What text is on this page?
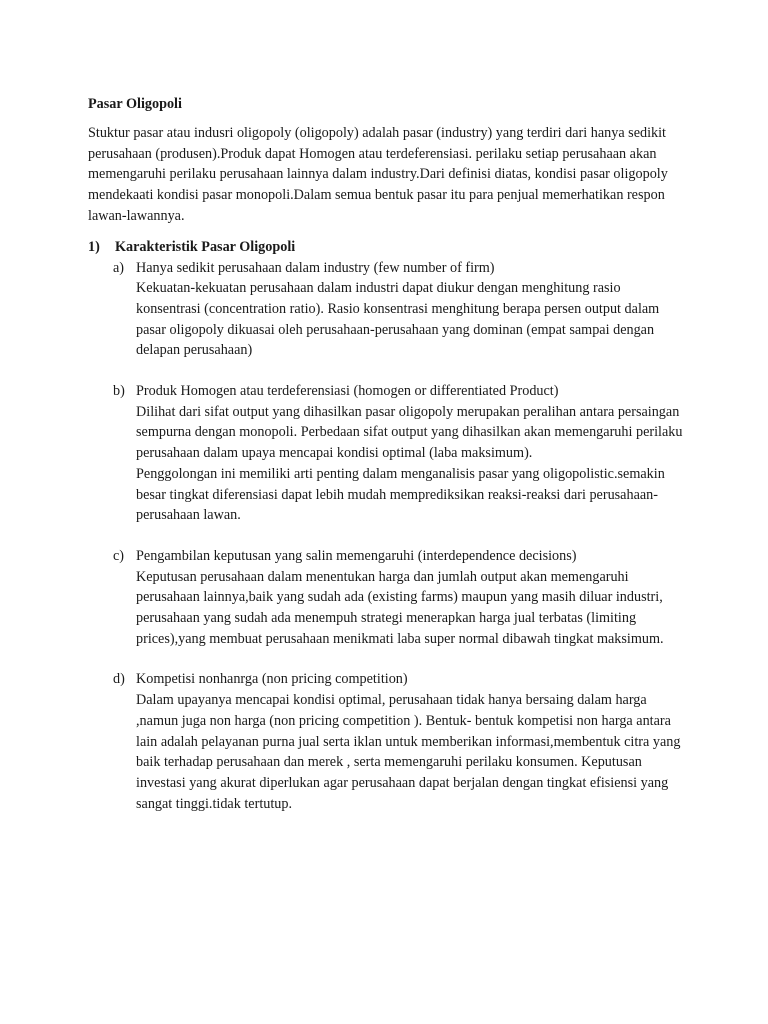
Pasar Oligopoli

Stuktur pasar atau indusri oligopoly (oligopoly) adalah pasar (industry) yang terdiri dari hanya sedikit perusahaan (produsen).Produk dapat Homogen atau terdeferensiasi. perilaku setiap perusahaan akan memengaruhi perilaku perusahaan lainnya dalam industry.Dari definisi diatas, kondisi pasar oligopoly mendekaati kondisi pasar monopoli.Dalam semua bentuk pasar itu para penjual memerhatikan respon lawan-lawannya.

1)	Karakteristik Pasar Oligopoli
a) Hanya sedikit perusahaan dalam industry (few number of firm)
Kekuatan-kekuatan perusahaan dalam industri dapat diukur dengan menghitung rasio konsentrasi (concentration ratio). Rasio konsentrasi menghitung berapa persen output dalam pasar oligopoly dikuasai oleh perusahaan-perusahaan yang dominan (empat sampai dengan delapan perusahaan)
b) Produk Homogen atau terdeferensiasi (homogen or differentiated Product)
Dilihat dari sifat output yang dihasilkan pasar oligopoly merupakan peralihan antara persaingan sempurna dengan monopoli. Perbedaan sifat output yang dihasilkan akan memengaruhi perilaku perusahaan dalam upaya mencapai kondisi optimal (laba maksimum).
Penggolongan ini memiliki arti penting dalam menganalisis pasar yang oligopolistic.semakin besar tingkat diferensiasi dapat lebih mudah memprediksikan reaksi-reaksi dari perusahaan-perusahaan lawan.
c) Pengambilan keputusan yang salin memengaruhi (interdependence decisions)
Keputusan perusahaan dalam menentukan harga dan jumlah output akan memengaruhi perusahaan lainnya,baik yang sudah ada (existing farms) maupun yang masih diluar industri, perusahaan yang sudah ada menempuh strategi menerapkan harga jual terbatas (limiting prices),yang membuat perusahaan menikmati laba super normal dibawah tingkat maksimum.
d) Kompetisi nonhanrga (non pricing competition)
Dalam upayanya mencapai kondisi optimal, perusahaan tidak hanya bersaing dalam harga ,namun juga non harga (non pricing competition ). Bentuk- bentuk kompetisi non harga antara lain adalah pelayanan purna jual serta iklan untuk memberikan informasi,membentuk citra yang baik terhadap perusahaan dan merek , serta memengaruhi perilaku konsumen. Keputusan investasi yang akurat diperlukan agar perusahaan dapat berjalan dengan tingkat efisiensi yang sangat tinggi.tidak tertutup.
